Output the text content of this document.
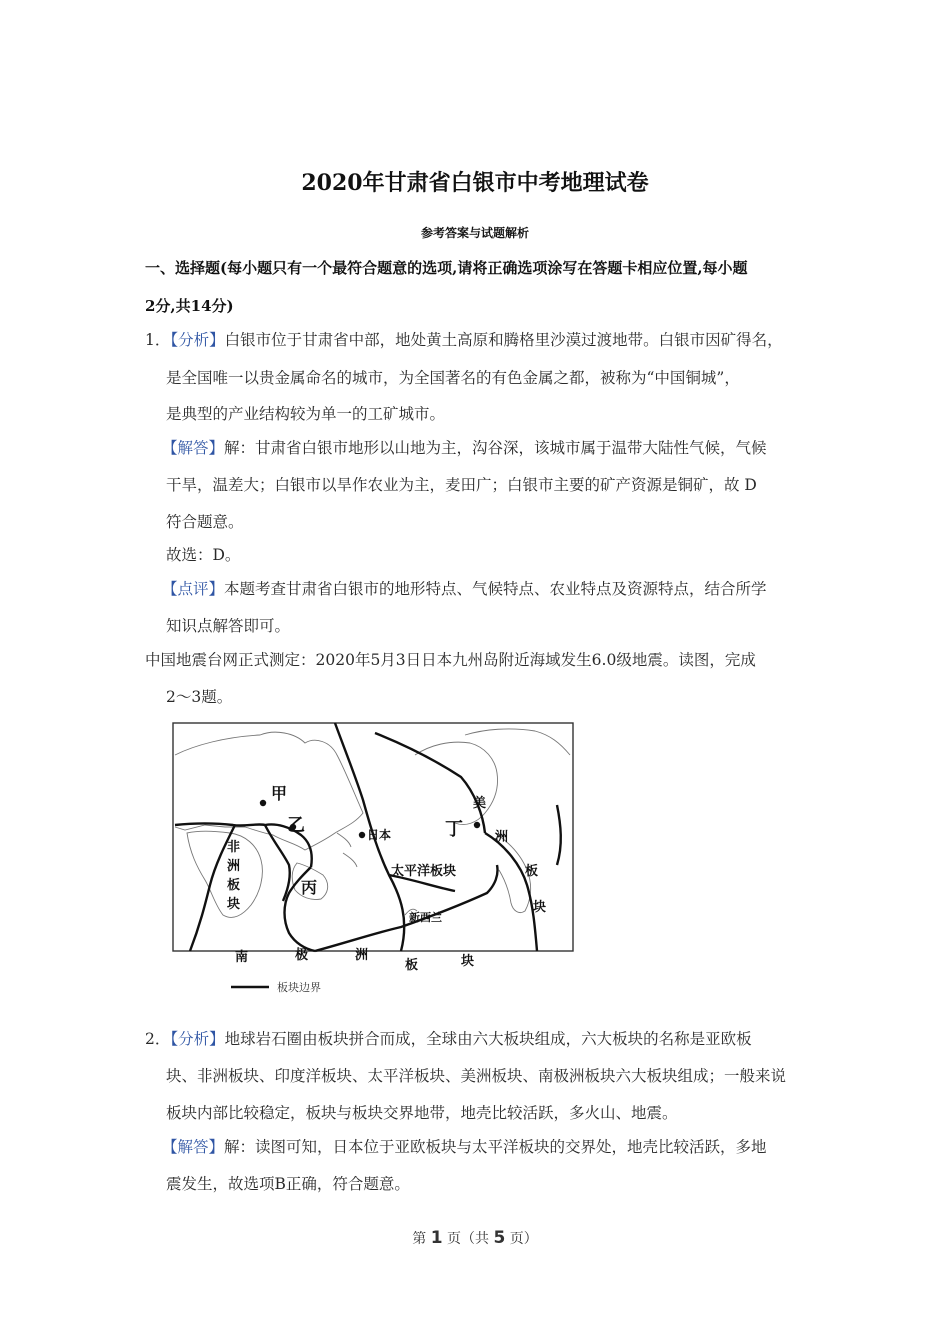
2020年甘肃省白银市中考地理试卷
参考答案与试题解析
一、选择题(每小题只有一个最符合题意的选项,请将正确选项涂写在答题卡相应位置,每小题
2分,共14分)
1．【分析】白银市位于甘肃省中部，地处黄土高原和腾格里沙漠过渡地带。白银市因矿得名，
是全国唯一以贵金属命名的城市，为全国著名的有色金属之都，被称为“中国铜城”，
是典型的产业结构较为单一的工矿城市。
【解答】解：甘肃省白银市地形以山地为主，沟谷深，该城市属于温带大陆性气候，气候
干旱，温差大；白银市以旱作农业为主，麦田广；白银市主要的矿产资源是铜矿，故 D
符合题意。
故选：D。
【点评】本题考查甘肃省白银市的地形特点、气候特点、农业特点及资源特点，结合所学
知识点解答即可。
中国地震台网正式测定：2020年5月3日日本九州岛附近海域发生6.0级地震。读图，完成
2～3题。
甲
乙
丙
丁
日本
太平洋板块
新西兰
非
洲
板
块
美
洲
板
块
南	极	洲
板	块
板块边界
2．【分析】地球岩石圈由板块拼合而成，全球由六大板块组成，六大板块的名称是亚欧板
块、非洲板块、印度洋板块、太平洋板块、美洲板块、南极洲板块六大板块组成；一般来说
板块内部比较稳定，板块与板块交界地带，地壳比较活跃，多火山、地震。
【解答】解：读图可知，日本位于亚欧板块与太平洋板块的交界处，地壳比较活跃，多地
震发生，故选项B正确，符合题意。
第 1 页（共 5 页）
